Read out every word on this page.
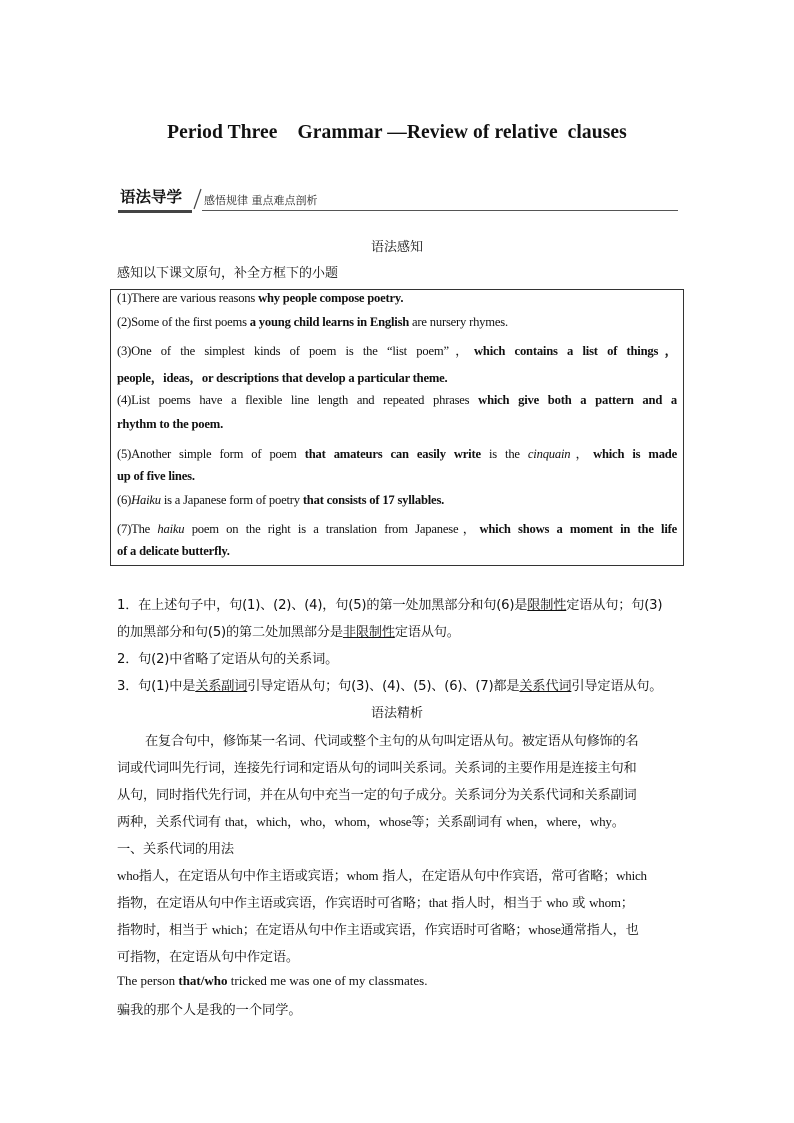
Period Three    Grammar —Review of relative  clauses
语法导学 感悟规律 重点难点剖析
语法感知
感知以下课文原句，补全方框下的小题
(1)There are various reasons why people compose poetry.
(2)Some of the first poems a young child learns in English are nursery rhymes.
(3)One of the simplest kinds of poem is the “list poem”，which contains a list of things，
people，ideas，or descriptions that develop a particular theme.
(4)List poems have a flexible line length and repeated phrases which give both a pattern and a
rhythm to the poem.
(5)Another simple form of poem that amateurs can easily write is the cinquain，which is made
up of five lines.
(6)Haiku is a Japanese form of poetry that consists of 17 syllables.
(7)The haiku poem on the right is a translation from Japanese，which shows a moment in the life
of a delicate butterfly.
1．在上述句子中，句(1)、(2)、(4)，句(5)的第一处加黑部分和句(6)是限制性定语从句；句(3)
的加黑部分和句(5)的第二处加黑部分是非限制性定语从句。
2．句(2)中省略了定语从句的关系词。
3．句(1)中是关系副词引导定语从句；句(3)、(4)、(5)、(6)、(7)都是关系代词引导定语从句。
语法精析
在复合句中，修饰某一名词、代词或整个主句的从句叫定语从句。被定语从句修饰的名
词或代词叫先行词，连接先行词和定语从句的词叫关系词。关系词的主要作用是连接主句和
从句，同时指代先行词，并在从句中充当一定的句子成分。关系词分为关系代词和关系副词
两种，关系代词有 that，which，who，whom，whose等；关系副词有 when，where，why。
一、关系代词的用法
who指人，在定语从句中作主语或宾语；whom 指人，在定语从句中作宾语，常可省略；which
指物，在定语从句中作主语或宾语，作宾语时可省略；that 指人时，相当于 who 或 whom；
指物时，相当于 which；在定语从句中作主语或宾语，作宾语时可省略；whose通常指人，也
可指物，在定语从句中作定语。
The person that/who tricked me was one of my classmates.
骗我的那个人是我的一个同学。
